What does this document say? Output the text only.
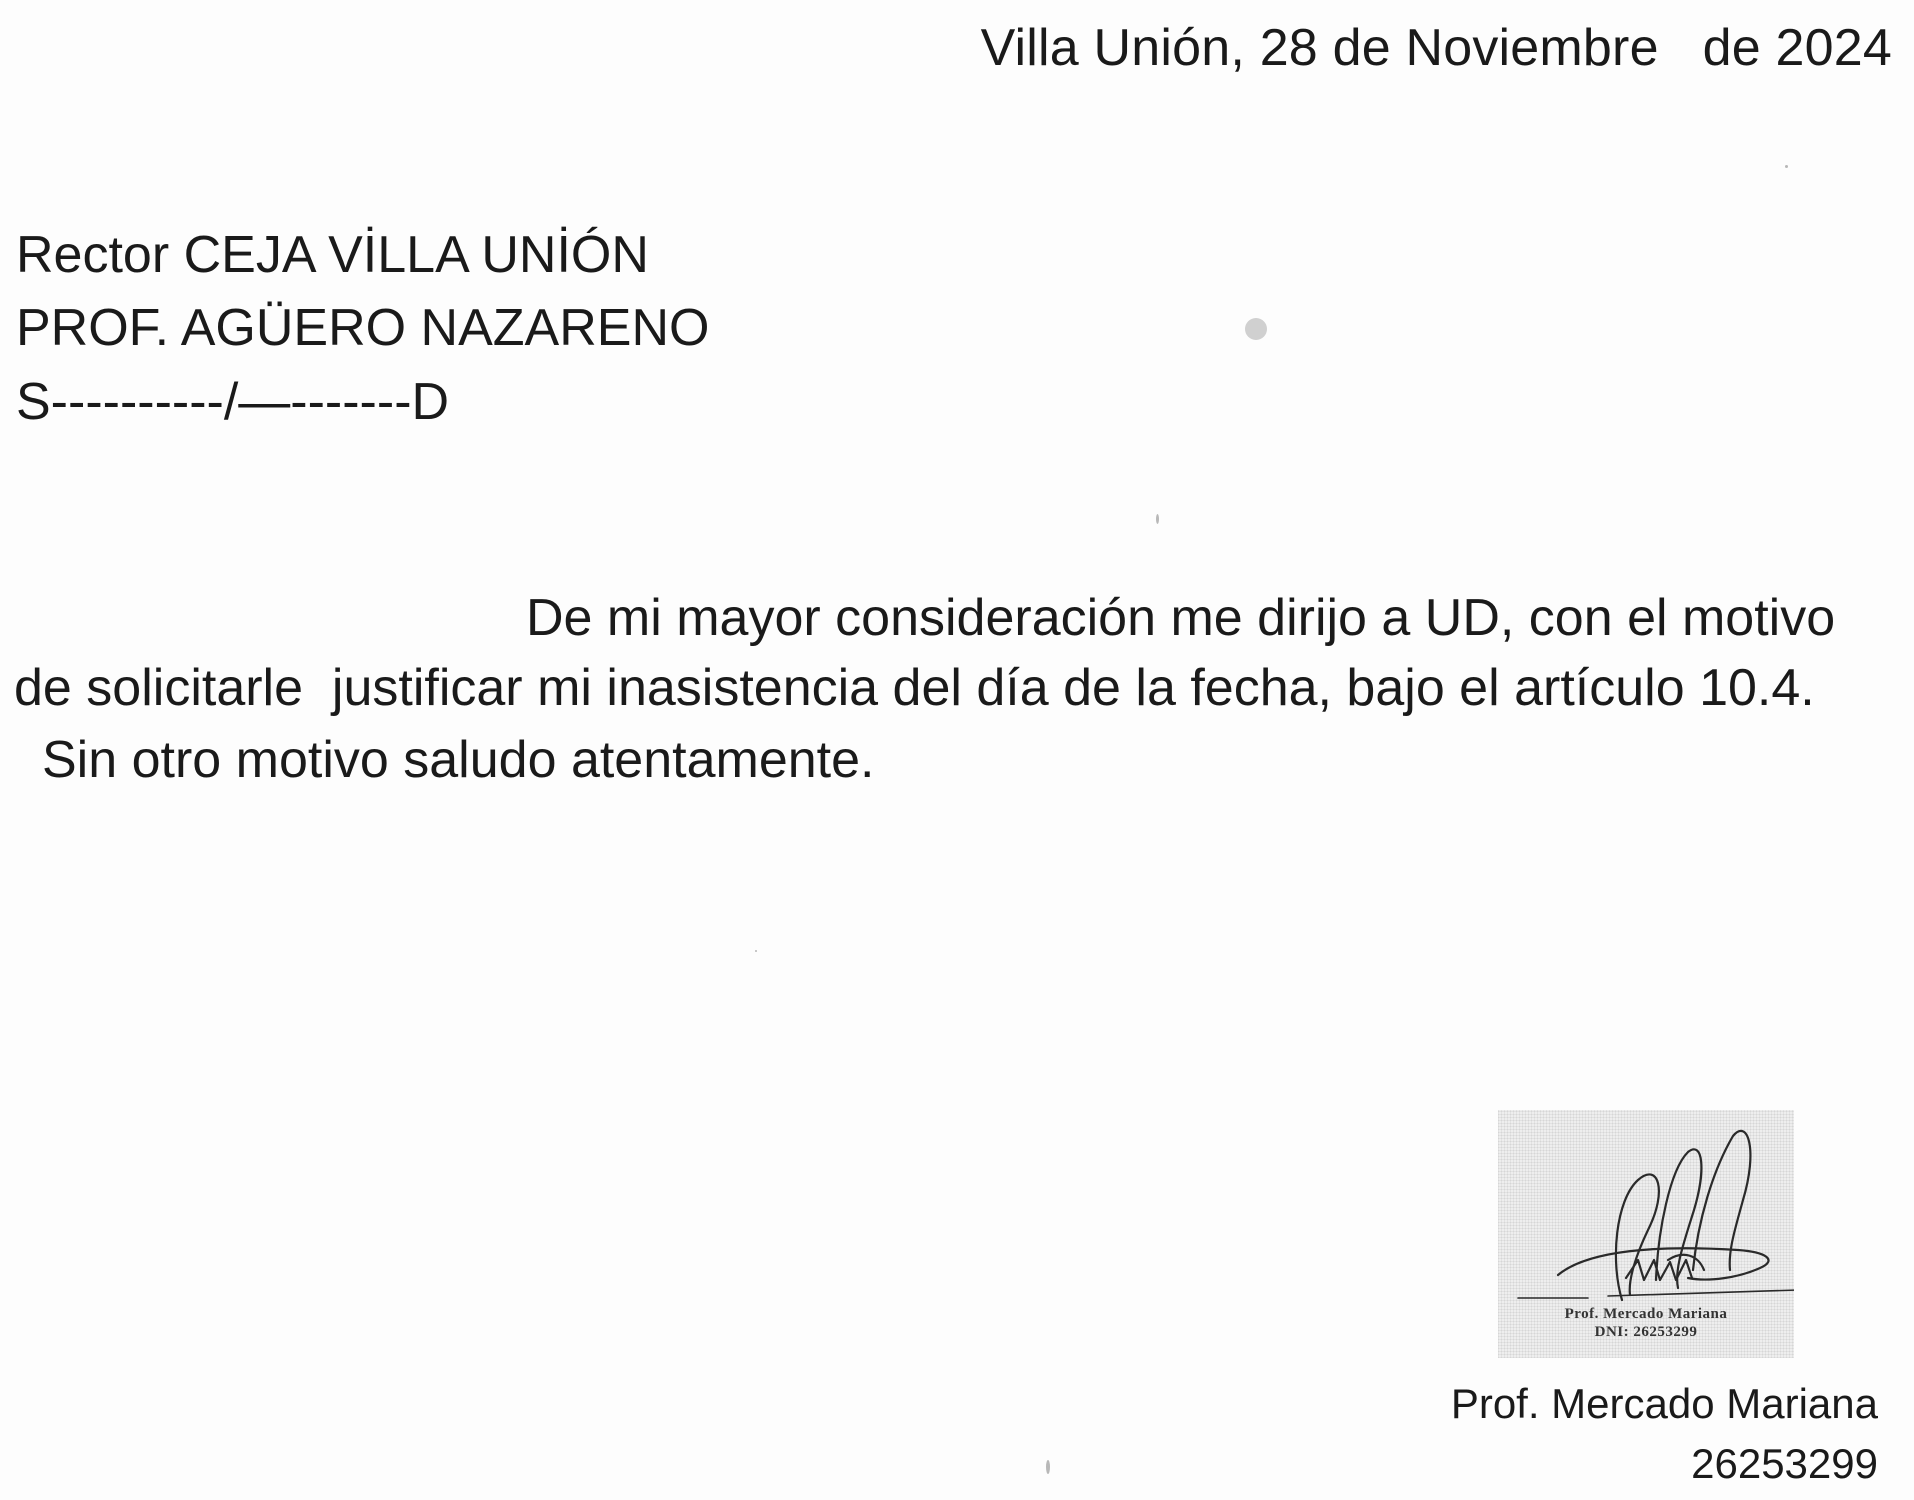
Villa Unión, 28 de Noviembre   de 2024
Rector CEJA VİLLA UNİÓN
PROF. AGÜERO NAZARENO
S----------/—-------D
De mi mayor consideración me dirijo a UD, con el motivo
de solicitarle  justificar mi inasistencia del día de la fecha, bajo el artículo 10.4.
Sin otro motivo saludo atentamente.
Prof. Mercado Mariana
DNI: 26253299
Prof. Mercado Mariana
26253299
